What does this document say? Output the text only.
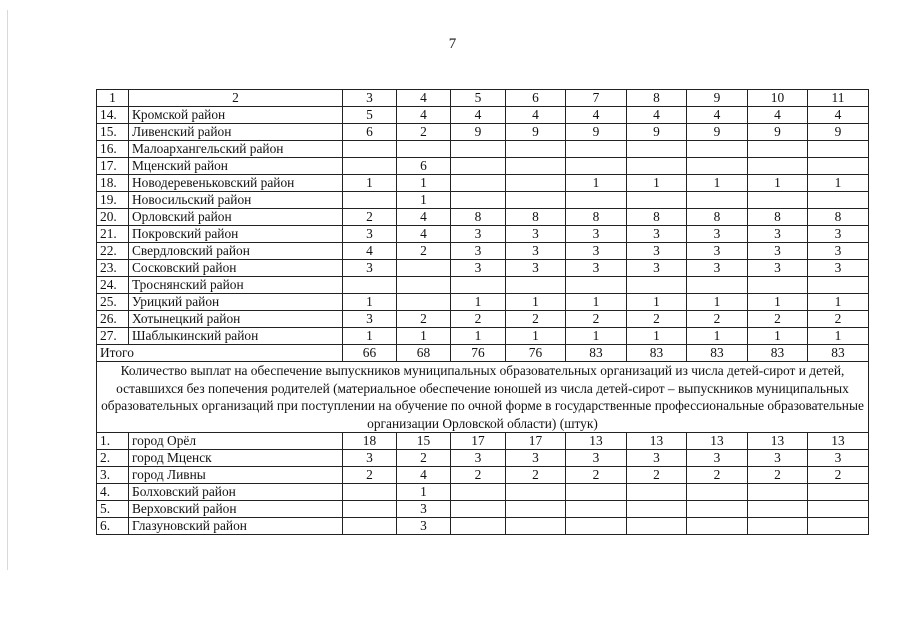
7
1	2	3	4	5	6	7	8	9	10	11
14.	Кромской район	5	4	4	4	4	4	4	4	4
15.	Ливенский район	6	2	9	9	9	9	9	9	9
16.	Малоархангельский район									
17.	Мценский район		6							
18.	Новодеревеньковский район	1	1			1	1	1	1	1
19.	Новосильский район		1							
20.	Орловский район	2	4	8	8	8	8	8	8	8
21.	Покровский район	3	4	3	3	3	3	3	3	3
22.	Свердловский район	4	2	3	3	3	3	3	3	3
23.	Сосковский район	3		3	3	3	3	3	3	3
24.	Троснянский район									
25.	Урицкий район	1		1	1	1	1	1	1	1
26.	Хотынецкий район	3	2	2	2	2	2	2	2	2
27.	Шаблыкинский район	1	1	1	1	1	1	1	1	1
Итого		66	68	76	76	83	83	83	83	83
Количество выплат на обеспечение выпускников муниципальных образовательных организаций из числа детей-сирот и детей, оставшихся без попечения родителей (материальное обеспечение юношей из числа детей-сирот – выпускников муниципальных образовательных организаций при поступлении на обучение по очной форме в государственные профессиональные образовательные организации Орловской области) (штук)										
1.	город Орёл	18	15	17	17	13	13	13	13	13
2.	город Мценск	3	2	3	3	3	3	3	3	3
3.	город Ливны	2	4	2	2	2	2	2	2	2
4.	Болховский район		1							
5.	Верховский район		3							
6.	Глазуновский район		3							
